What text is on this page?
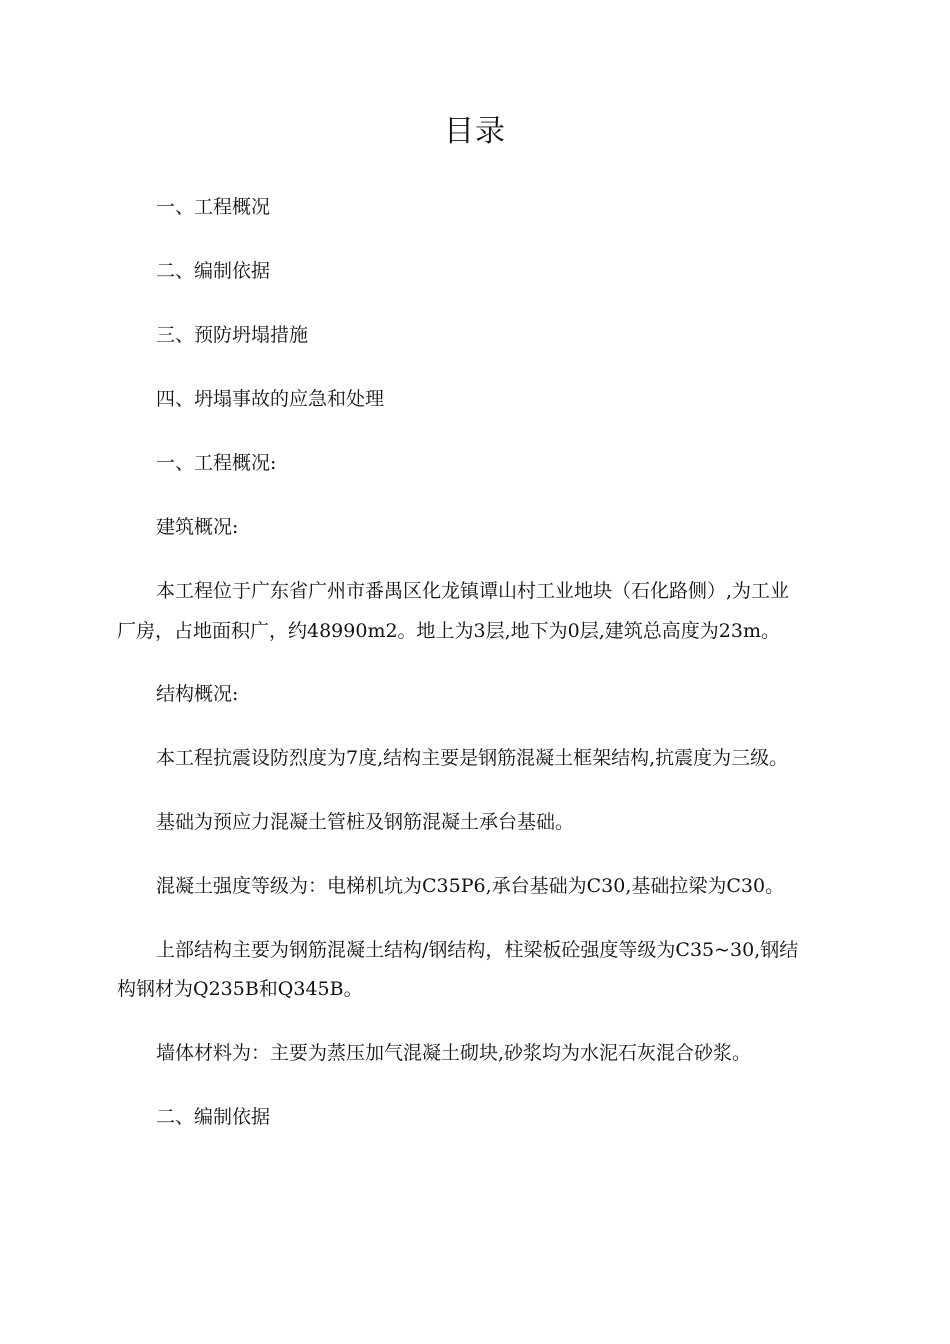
目录
一、工程概况
二、编制依据
三、预防坍塌措施
四、坍塌事故的应急和处理
一、工程概况:
建筑概况:
本工程位于广东省广州市番禺区化龙镇谭山村工业地块（石化路侧）,为工业
厂房，占地面积广，约48990m2。地上为3层,地下为0层,建筑总高度为23m。
结构概况:
本工程抗震设防烈度为7度,结构主要是钢筋混凝土框架结构,抗震度为三级。
基础为预应力混凝土管桩及钢筋混凝土承台基础。
混凝土强度等级为：电梯机坑为C35P6,承台基础为C30,基础拉梁为C30。
上部结构主要为钢筋混凝土结构/钢结构，柱梁板砼强度等级为C35~30,钢结
构钢材为Q235B和Q345B。
墙体材料为：主要为蒸压加气混凝土砌块,砂浆均为水泥石灰混合砂浆。
二、编制依据
